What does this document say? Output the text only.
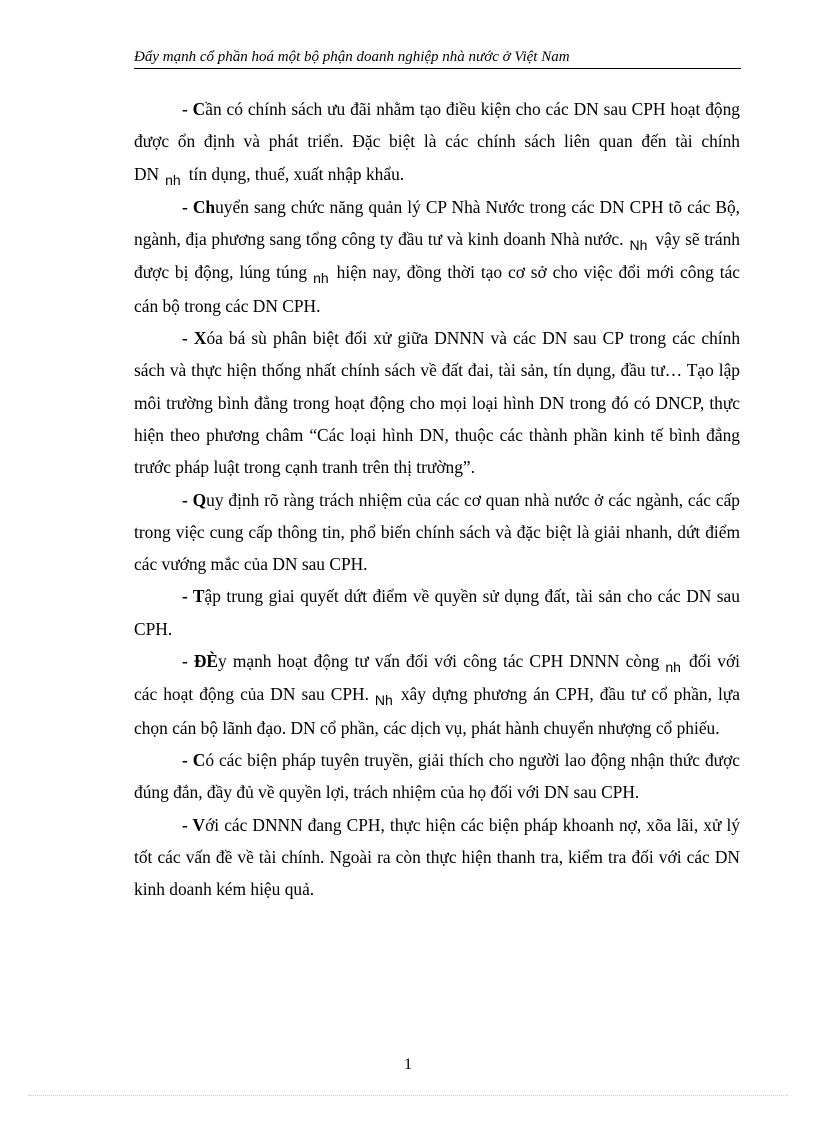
Đẩy mạnh cổ phần hoá một bộ phận doanh nghiệp nhà nước ở Việt Nam

- Cần có chính sách ưu đãi nhằm tạo điều kiện cho các DN sau CPH hoạt động được ổn định và phát triển. Đặc biệt là các chính sách liên quan đến tài chính DN $_{nh}$ tín dụng, thuế, xuất nhập khẩu.

- Chuyển sang chức năng quản lý CP Nhà Nước trong các DN CPH tõ các Bộ, ngành, địa phương sang tổng công ty đầu tư và kinh doanh Nhà nước. $_{Nh}$ vậy sẽ tránh được bị động, lúng túng $_{nh}$ hiện nay, đồng thời tạo cơ sở cho việc đổi mới công tác cán bộ trong các DN CPH.

- Xóa bá sù phân biệt đối xử giữa DNNN và các DN sau CP trong các chính sách và thực hiện thống nhất chính sách về đất đai, tài sản, tín dụng, đầu tư… Tạo lập môi trường bình đẳng trong hoạt động cho mọi loại hình DN trong đó có DNCP, thực hiện theo phương châm “Các loại hình DN, thuộc các thành phần kinh tế bình đẳng trước pháp luật trong cạnh tranh trên thị trường”.

- Quy định rõ ràng trách nhiệm của các cơ quan nhà nước ở các ngành, các cấp trong việc cung cấp thông tin, phổ biến chính sách và đặc biệt là giải nhanh, dứt điểm các vướng mắc của DN sau CPH.

- Tập trung giai quyết dứt điểm về quyền sử dụng đất, tài sản cho các DN sau CPH.

- ĐÈy mạnh hoạt động tư vấn đối với công tác CPH DNNN còng $_{nh}$ đối với các hoạt động của DN sau CPH. $_{Nh}$ xây dựng phương án CPH, đầu tư cổ phần, lựa chọn cán bộ lãnh đạo. DN cổ phần, các dịch vụ, phát hành chuyển nhượng cổ phiếu.

- Có các biện pháp tuyên truyền, giải thích cho người lao động nhận thức được đúng đắn, đầy đủ về quyền lợi, trách nhiệm của họ đối với DN sau CPH.

- Với các DNNN đang CPH, thực hiện các biện pháp khoanh nợ, xõa lãi, xử lý tốt các vấn đề về tài chính. Ngoài ra còn thực hiện thanh tra, kiểm tra đối với các DN kinh doanh kém hiệu quả.

1
